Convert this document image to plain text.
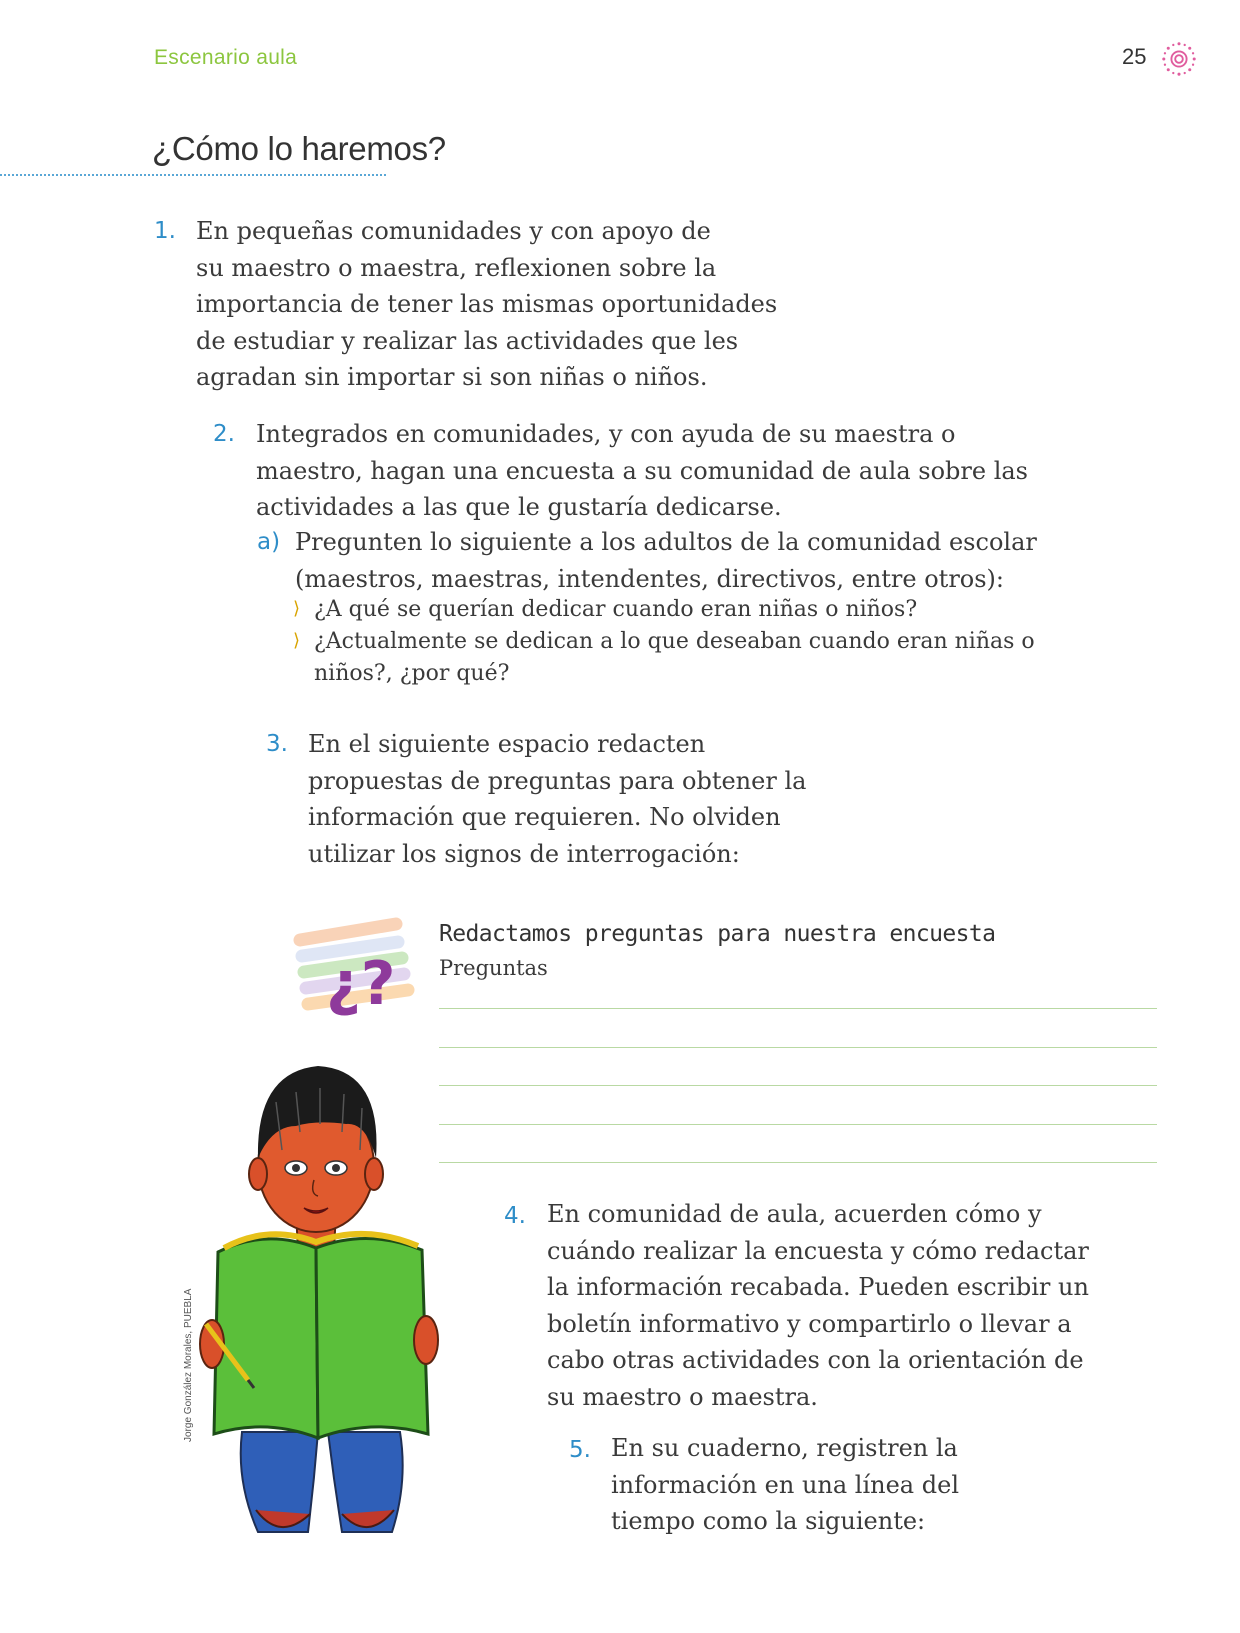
Escenario aula	25
¿Cómo lo haremos?
1. En pequeñas comunidades y con apoyo de
su maestro o maestra, reflexionen sobre la
importancia de tener las mismas oportunidades
de estudiar y realizar las actividades que les
agradan sin importar si son niñas o niños.
2. Integrados en comunidades, y con ayuda de su maestra o
maestro, hagan una encuesta a su comunidad de aula sobre las
actividades a las que le gustaría dedicarse.
a) Pregunten lo siguiente a los adultos de la comunidad escolar
(maestros, maestras, intendentes, directivos, entre otros):
⟩ ¿A qué se querían dedicar cuando eran niñas o niños?
⟩ ¿Actualmente se dedican a lo que deseaban cuando eran niñas o
niños?, ¿por qué?
3. En el siguiente espacio redacten
propuestas de preguntas para obtener la
información que requieren. No olviden
utilizar los signos de interrogación:
¿?
Redactamos preguntas para nuestra encuesta
Preguntas
Jorge González Morales, PUEBLA
4. En comunidad de aula, acuerden cómo y
cuándo realizar la encuesta y cómo redactar
la información recabada. Pueden escribir un
boletín informativo y compartirlo o llevar a
cabo otras actividades con la orientación de
su maestro o maestra.
5. En su cuaderno, registren la
información en una línea del
tiempo como la siguiente:
